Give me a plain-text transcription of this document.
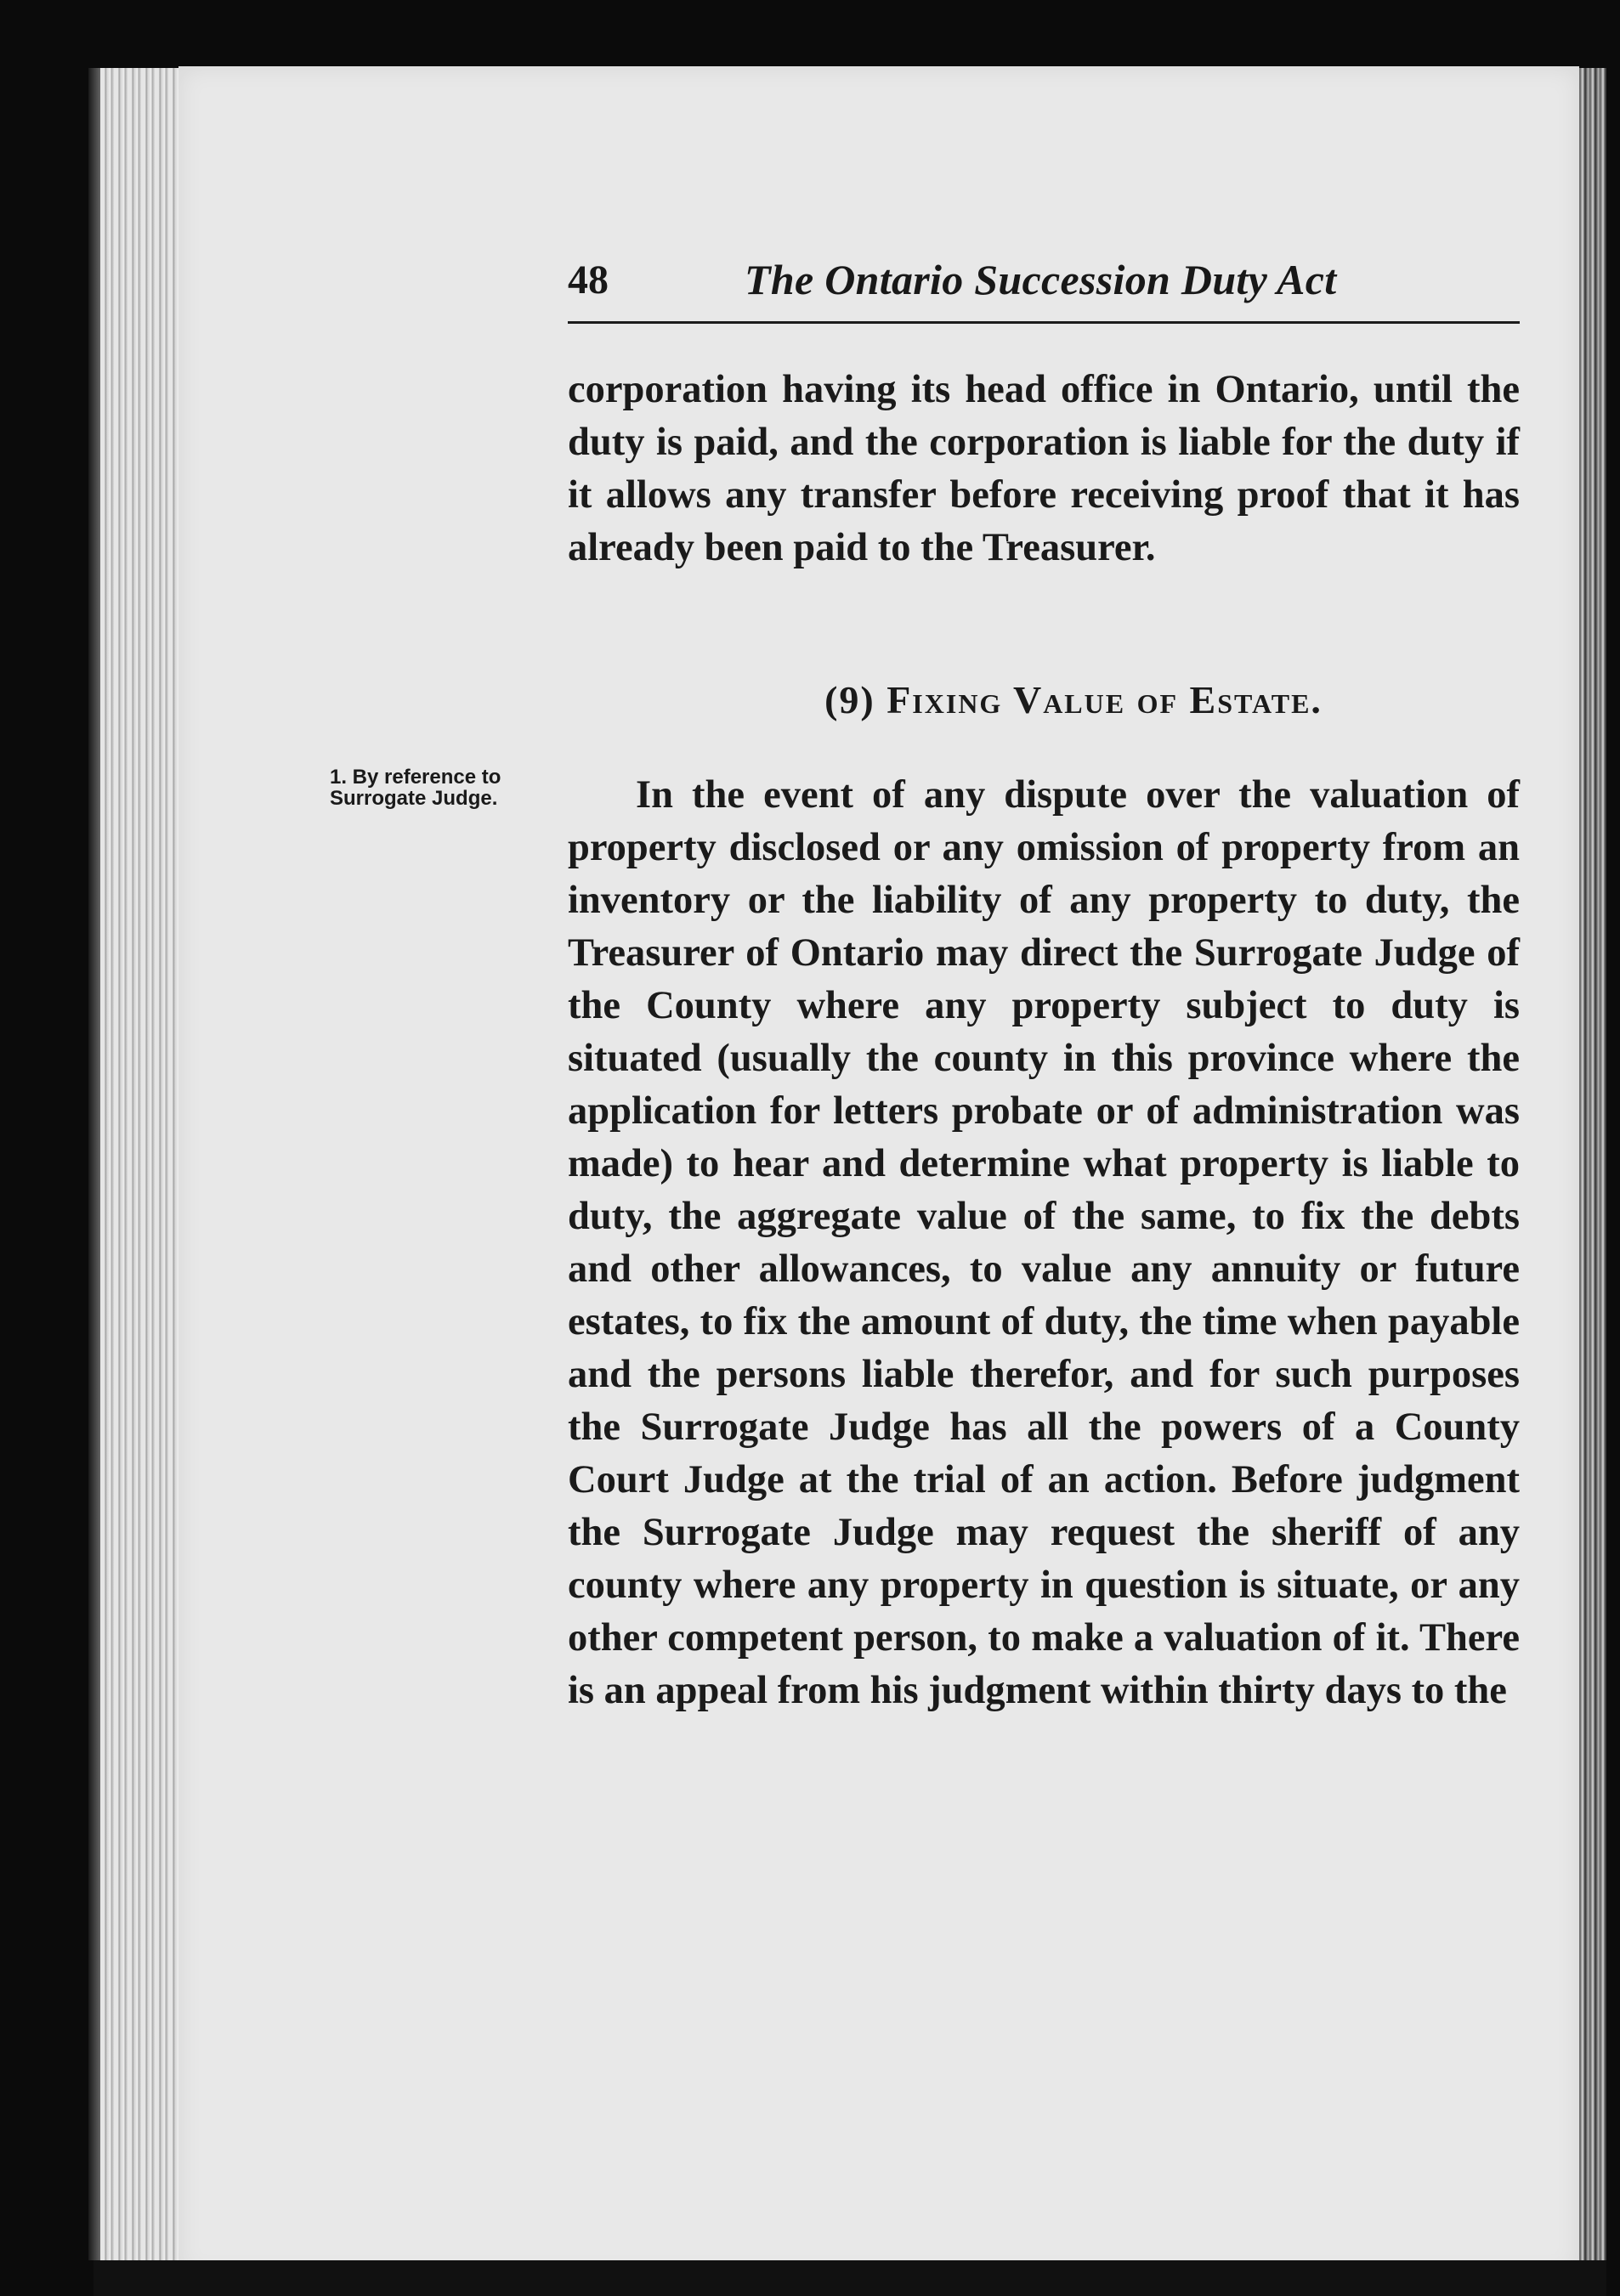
48	The Ontario Succession Duty Act
corporation having its head office in Ontario, until the duty is paid, and the corporation is liable for the duty if it allows any transfer before receiving proof that it has already been paid to the Treasurer.
(9) Fixing Value of Estate.
1. By reference to Surrogate Judge.	In the event of any dispute over the valuation of property disclosed or any omission of property from an inventory or the liability of any property to duty, the Treasurer of Ontario may direct the Surrogate Judge of the County where any property subject to duty is situated (usually the county in this province where the application for letters probate or of administration was made) to hear and determine what property is liable to duty, the aggregate value of the same, to fix the debts and other allowances, to value any annuity or future estates, to fix the amount of duty, the time when payable and the persons liable therefor, and for such purposes the Surrogate Judge has all the powers of a County Court Judge at the trial of an action. Before judgment the Surrogate Judge may request the sheriff of any county where any property in question is situate, or any other competent person, to make a valuation of it. There is an appeal from his judgment within thirty days to the
